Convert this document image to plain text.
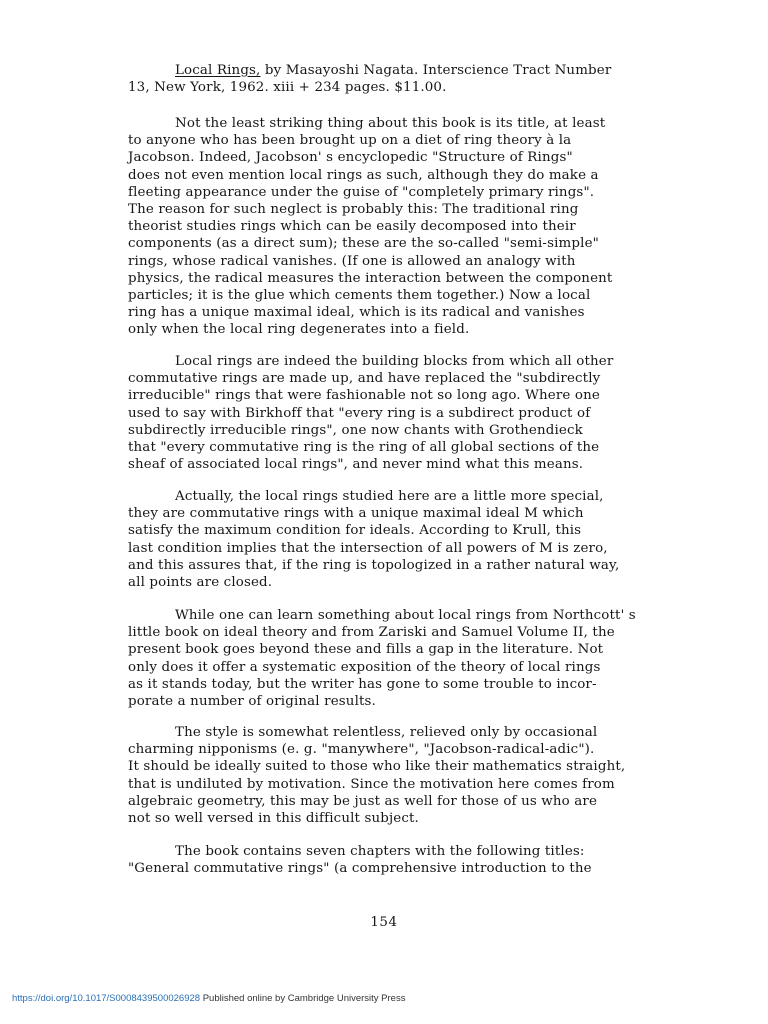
Local Rings, by Masayoshi Nagata. Interscience Tract Number
13, New York, 1962. xiii + 234 pages. $11.00.
Not the least striking thing about this book is its title, at least
to anyone who has been brought up on a diet of ring theory à la
Jacobson. Indeed, Jacobson' s encyclopedic "Structure of Rings"
does not even mention local rings as such, although they do make a
fleeting appearance under the guise of "completely primary rings".
The reason for such neglect is probably this: The traditional ring
theorist studies rings which can be easily decomposed into their
components (as a direct sum); these are the so-called "semi-simple"
rings, whose radical vanishes. (If one is allowed an analogy with
physics, the radical measures the interaction between the component
particles; it is the glue which cements them together.) Now a local
ring has a unique maximal ideal, which is its radical and vanishes
only when the local ring degenerates into a field.
Local rings are indeed the building blocks from which all other
commutative rings are made up, and have replaced the "subdirectly
irreducible" rings that were fashionable not so long ago. Where one
used to say with Birkhoff that "every ring is a subdirect product of
subdirectly irreducible rings", one now chants with Grothendieck
that "every commutative ring is the ring of all global sections of the
sheaf of associated local rings", and never mind what this means.
Actually, the local rings studied here are a little more special,
they are commutative rings with a unique maximal ideal M which
satisfy the maximum condition for ideals. According to Krull, this
last condition implies that the intersection of all powers of M is zero,
and this assures that, if the ring is topologized in a rather natural way,
all points are closed.
While one can learn something about local rings from Northcott' s
little book on ideal theory and from Zariski and Samuel Volume II, the
present book goes beyond these and fills a gap in the literature. Not
only does it offer a systematic exposition of the theory of local rings
as it stands today, but the writer has gone to some trouble to incor-
porate a number of original results.
The style is somewhat relentless, relieved only by occasional
charming nipponisms (e. g. "manywhere", "Jacobson-radical-adic").
It should be ideally suited to those who like their mathematics straight,
that is undiluted by motivation. Since the motivation here comes from
algebraic geometry, this may be just as well for those of us who are
not so well versed in this difficult subject.
The book contains seven chapters with the following titles:
"General commutative rings" (a comprehensive introduction to the
154
https://doi.org/10.1017/S0008439500026928 Published online by Cambridge University Press
